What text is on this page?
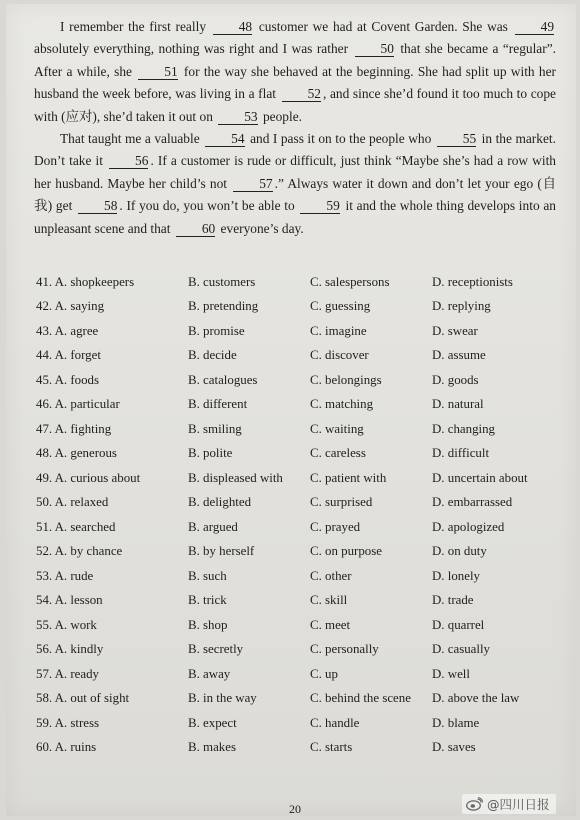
I remember the first really 48 customer we had at Covent Garden. She was 49 absolutely everything, nothing was right and I was rather 50 that she became a “regular”. After a while, she 51 for the way she behaved at the beginning. She had split up with her husband the week before, was living in a flat 52 , and since she’d found it too much to cope with (应对), she’d taken it out on 53 people.

That taught me a valuable 54 and I pass it on to the people who 55 in the market. Don’t take it 56 . If a customer is rude or difficult, just think “Maybe she’s had a row with her husband. Maybe her child’s not 57 .” Always water it down and don’t let your ego (自我) get 58 . If you do, you won’t be able to 59 it and the whole thing develops into an unpleasant scene and that 60 everyone’s day.

41. A. shopkeepers	B. customers	C. salespersons	D. receptionists
42. A. saying	B. pretending	C. guessing	D. replying
43. A. agree	B. promise	C. imagine	D. swear
44. A. forget	B. decide	C. discover	D. assume
45. A. foods	B. catalogues	C. belongings	D. goods
46. A. particular	B. different	C. matching	D. natural
47. A. fighting	B. smiling	C. waiting	D. changing
48. A. generous	B. polite	C. careless	D. difficult
49. A. curious about	B. displeased with	C. patient with	D. uncertain about
50. A. relaxed	B. delighted	C. surprised	D. embarrassed
51. A. searched	B. argued	C. prayed	D. apologized
52. A. by chance	B. by herself	C. on purpose	D. on duty
53. A. rude	B. such	C. other	D. lonely
54. A. lesson	B. trick	C. skill	D. trade
55. A. work	B. shop	C. meet	D. quarrel
56. A. kindly	B. secretly	C. personally	D. casually
57. A. ready	B. away	C. up	D. well
58. A. out of sight	B. in the way	C. behind the scene	D. above the law
59. A. stress	B. expect	C. handle	D. blame
60. A. ruins	B. makes	C. starts	D. saves
20	@四川日报
